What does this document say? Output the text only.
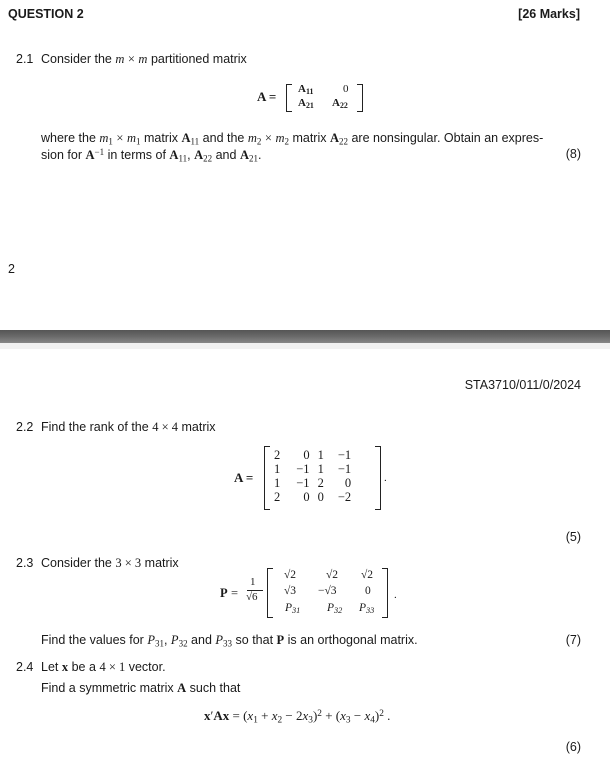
QUESTION 2	[26 Marks]
2.1 Consider the m × m partitioned matrix
$A = A_{11}$	0
$A_{21}$ $A_{22}$
where the $m_1 \times m_1$ matrix $A_{11}$ and the $m_2 \times m_2$ matrix $A_{22}$ are nonsingular. Obtain an expres-
sion for $A^{-1}$ in terms of $A_{11}$, $A_{22}$ and $A_{21}$.	(8)
2
STA3710/011/0/2024
2.2 Find the rank of the 4 × 4 matrix
A =
2	0	1	−1
1	−1	1	−1
1	−1	2	0
2	0	0	−2
.
(5)
2.3 Consider the 3 × 3 matrix
P =
1
√6
√2	√2 √2
√3 −√3 0
$P_{31}$ $P_{32}$ $P_{33}$
.
Find the values for $P_{31}$, $P_{32}$ and $P_{33}$ so that P is an orthogonal matrix.	(7)
2.4 Let x be a 4 × 1 vector.
Find a symmetric matrix A such that
$x'Ax = (x_1 + x_2 - 2x_3)^2 + (x_3 - x_4)^2$ .
(6)
